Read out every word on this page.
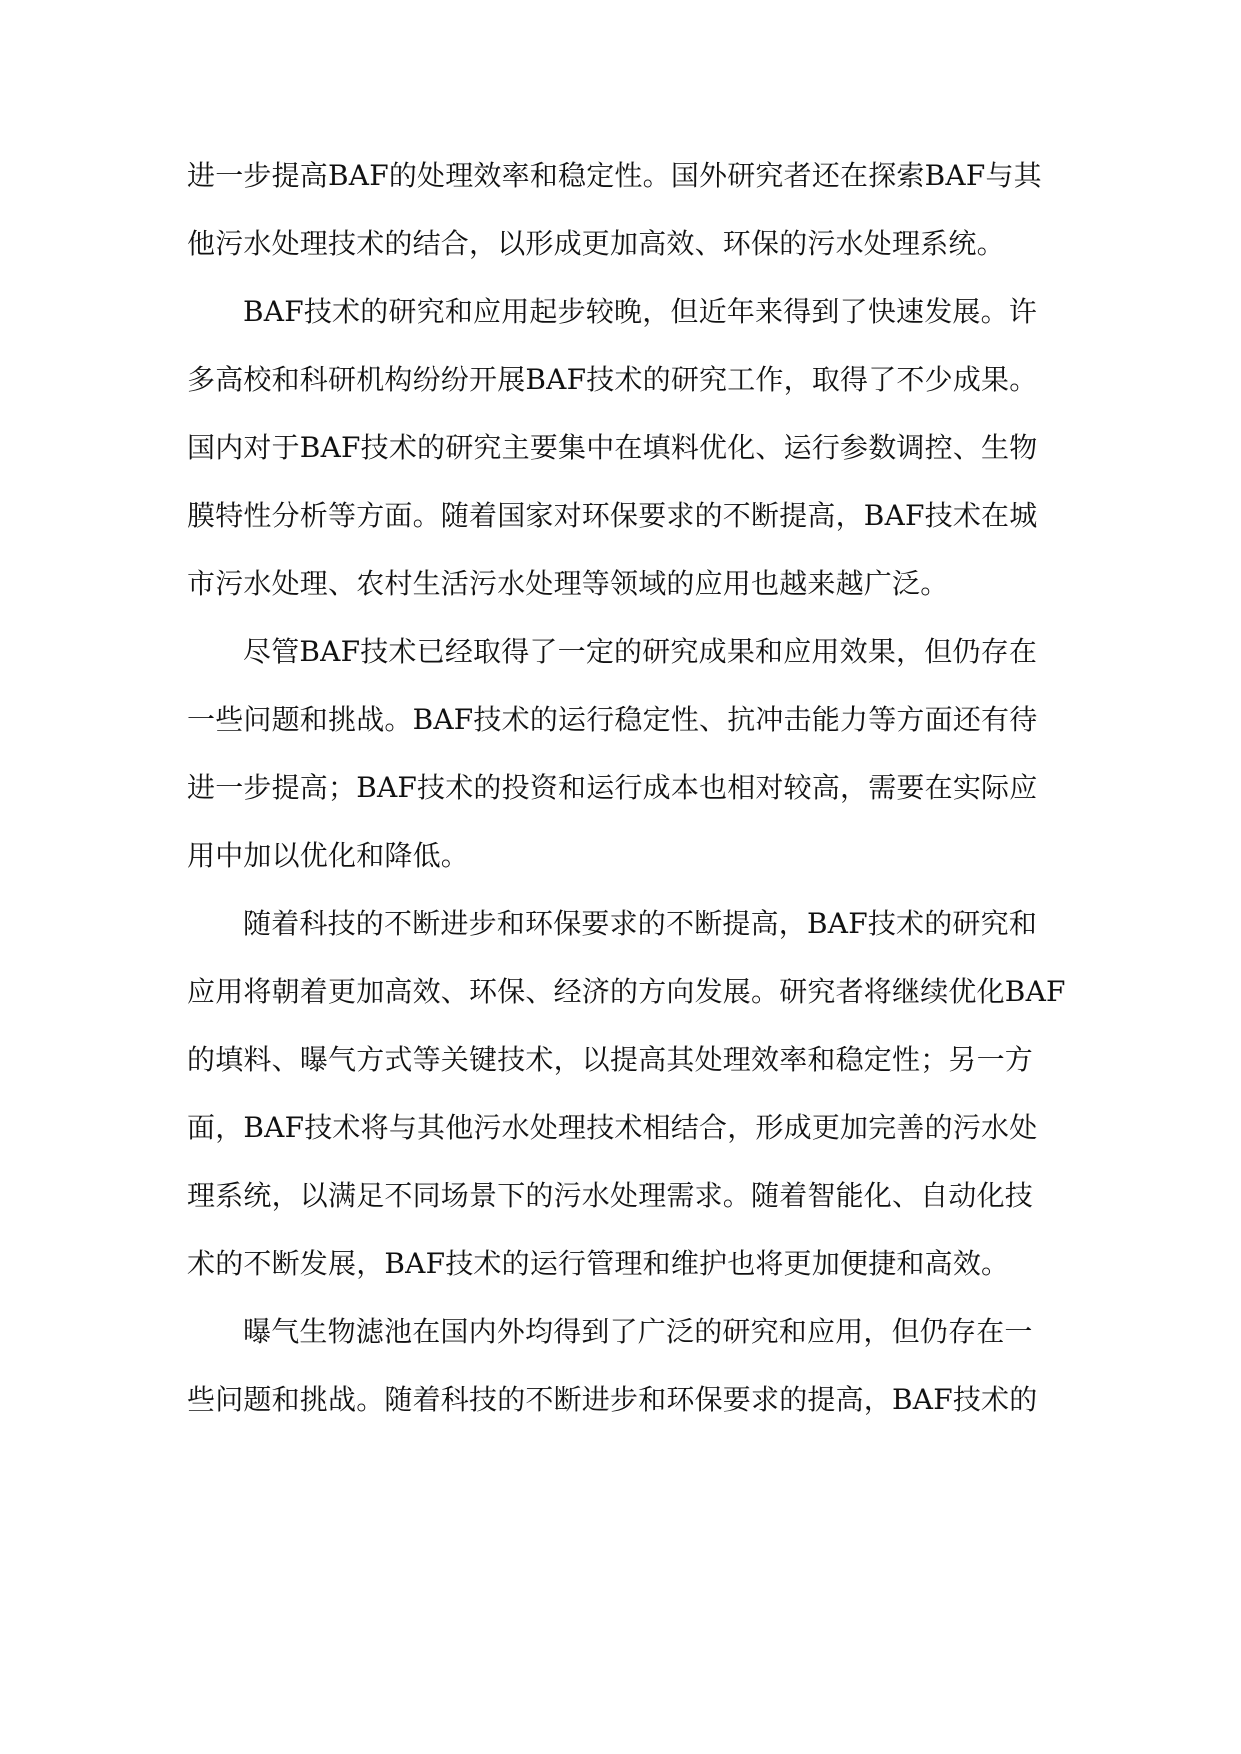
进一步提高BAF的处理效率和稳定性。国外研究者还在探索BAF与其
他污水处理技术的结合，以形成更加高效、环保的污水处理系统。
BAF技术的研究和应用起步较晚，但近年来得到了快速发展。许
多高校和科研机构纷纷开展BAF技术的研究工作，取得了不少成果。
国内对于BAF技术的研究主要集中在填料优化、运行参数调控、生物
膜特性分析等方面。随着国家对环保要求的不断提高，BAF技术在城
市污水处理、农村生活污水处理等领域的应用也越来越广泛。
尽管BAF技术已经取得了一定的研究成果和应用效果，但仍存在
一些问题和挑战。BAF技术的运行稳定性、抗冲击能力等方面还有待
进一步提高；BAF技术的投资和运行成本也相对较高，需要在实际应
用中加以优化和降低。
随着科技的不断进步和环保要求的不断提高，BAF技术的研究和
应用将朝着更加高效、环保、经济的方向发展。研究者将继续优化BAF
的填料、曝气方式等关键技术，以提高其处理效率和稳定性；另一方
面，BAF技术将与其他污水处理技术相结合，形成更加完善的污水处
理系统，以满足不同场景下的污水处理需求。随着智能化、自动化技
术的不断发展，BAF技术的运行管理和维护也将更加便捷和高效。
曝气生物滤池在国内外均得到了广泛的研究和应用，但仍存在一
些问题和挑战。随着科技的不断进步和环保要求的提高，BAF技术的
